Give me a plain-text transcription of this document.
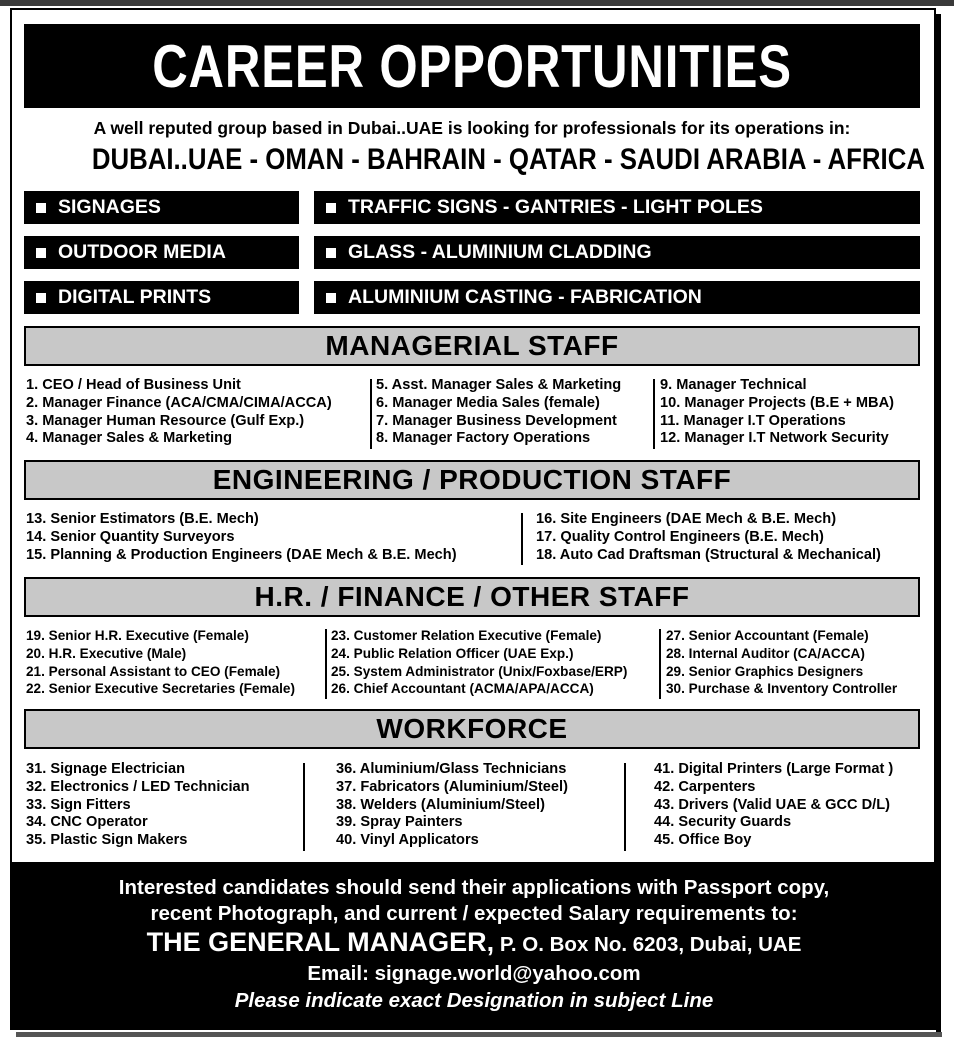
CAREER OPPORTUNITIES
A well reputed group based in Dubai..UAE is looking for professionals for its operations in:
DUBAI..UAE - OMAN - BAHRAIN - QATAR - SAUDI ARABIA - AFRICA
SIGNAGES	TRAFFIC SIGNS - GANTRIES - LIGHT POLES
OUTDOOR MEDIA	GLASS - ALUMINIUM CLADDING
DIGITAL PRINTS	ALUMINIUM CASTING - FABRICATION
MANAGERIAL STAFF
1. CEO / Head of Business Unit
2. Manager Finance (ACA/CMA/CIMA/ACCA)
3. Manager Human Resource (Gulf Exp.)
4. Manager Sales & Marketing
5. Asst. Manager Sales & Marketing
6. Manager Media Sales (female)
7. Manager Business Development
8. Manager Factory Operations
9. Manager Technical
10. Manager Projects (B.E + MBA)
11. Manager I.T Operations
12. Manager I.T Network Security
ENGINEERING / PRODUCTION STAFF
13. Senior Estimators (B.E. Mech)
14. Senior Quantity Surveyors
15. Planning & Production Engineers (DAE Mech & B.E. Mech)
16. Site Engineers (DAE Mech & B.E. Mech)
17. Quality Control Engineers (B.E. Mech)
18. Auto Cad Draftsman (Structural & Mechanical)
H.R. / FINANCE / OTHER STAFF
19. Senior H.R. Executive (Female)
20. H.R. Executive (Male)
21. Personal Assistant to CEO (Female)
22. Senior Executive Secretaries (Female)
23. Customer Relation Executive (Female)
24. Public Relation Officer (UAE Exp.)
25. System Administrator (Unix/Foxbase/ERP)
26. Chief Accountant (ACMA/APA/ACCA)
27. Senior Accountant (Female)
28. Internal Auditor (CA/ACCA)
29. Senior Graphics Designers
30. Purchase & Inventory Controller
WORKFORCE
31. Signage Electrician
32. Electronics / LED Technician
33. Sign Fitters
34. CNC Operator
35. Plastic Sign Makers
36. Aluminium/Glass Technicians
37. Fabricators (Aluminium/Steel)
38. Welders (Aluminium/Steel)
39. Spray Painters
40. Vinyl Applicators
41. Digital Printers (Large Format )
42. Carpenters
43. Drivers (Valid UAE & GCC D/L)
44. Security Guards
45. Office Boy
Interested candidates should send their applications with Passport copy,
recent Photograph, and current / expected Salary requirements to:
THE GENERAL MANAGER, P. O. Box No. 6203, Dubai, UAE
Email: signage.world@yahoo.com
Please indicate exact Designation in subject Line
